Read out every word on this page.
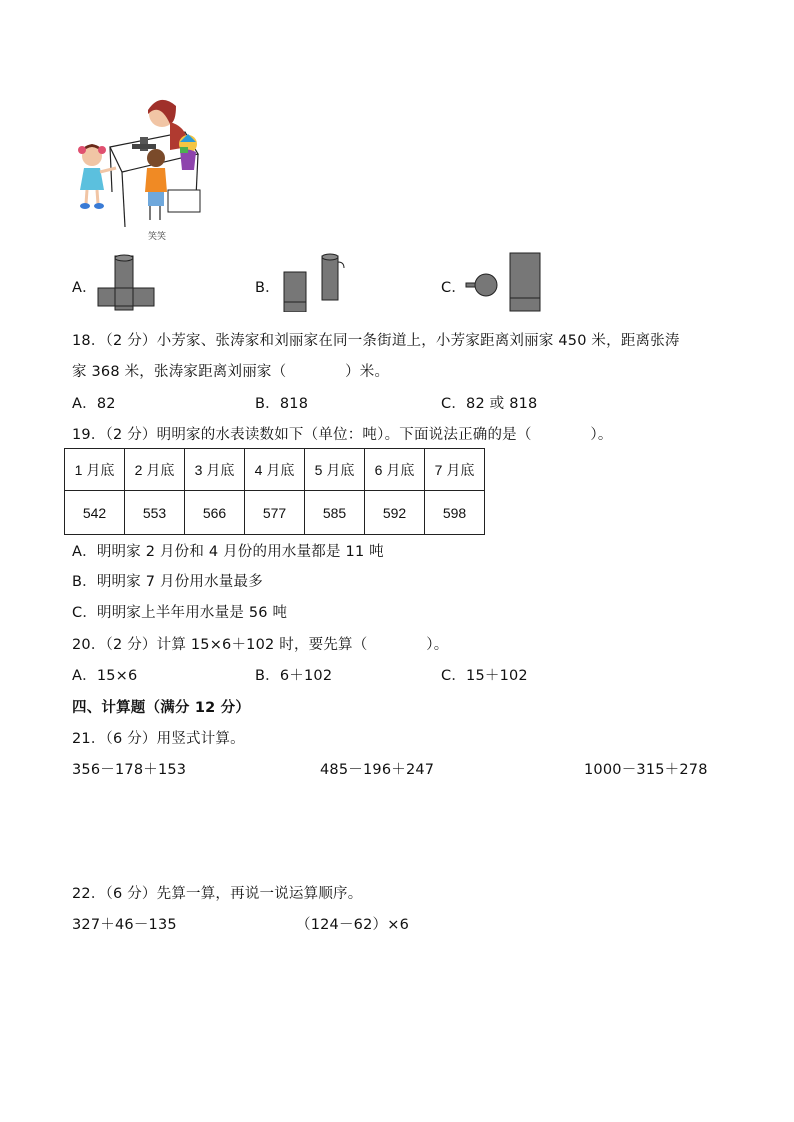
笑笑
A．	B．	C．
18．（2 分）小芳家、张涛家和刘丽家在同一条街道上，小芳家距离刘丽家 450 米，距离张涛
家 368 米，张涛家距离刘丽家（　　　　）米。
A．82	B．818	C．82 或 818
19．（2 分）明明家的水表读数如下（单位：吨）。下面说法正确的是（　　　　）。
1 月底	2 月底	3 月底	4 月底	5 月底	6 月底	7 月底
542	553	566	577	585	592	598
A．明明家 2 月份和 4 月份的用水量都是 11 吨
B．明明家 7 月份用水量最多
C．明明家上半年用水量是 56 吨
20．（2 分）计算 15×6＋102 时，要先算（　　　　）。
A．15×6	B．6＋102	C．15＋102
四、计算题（满分 12 分）
21．（6 分）用竖式计算。
356－178＋153	485－196＋247	1000－315＋278
22．（6 分）先算一算，再说一说运算顺序。
327＋46－135	（124－62）×6
